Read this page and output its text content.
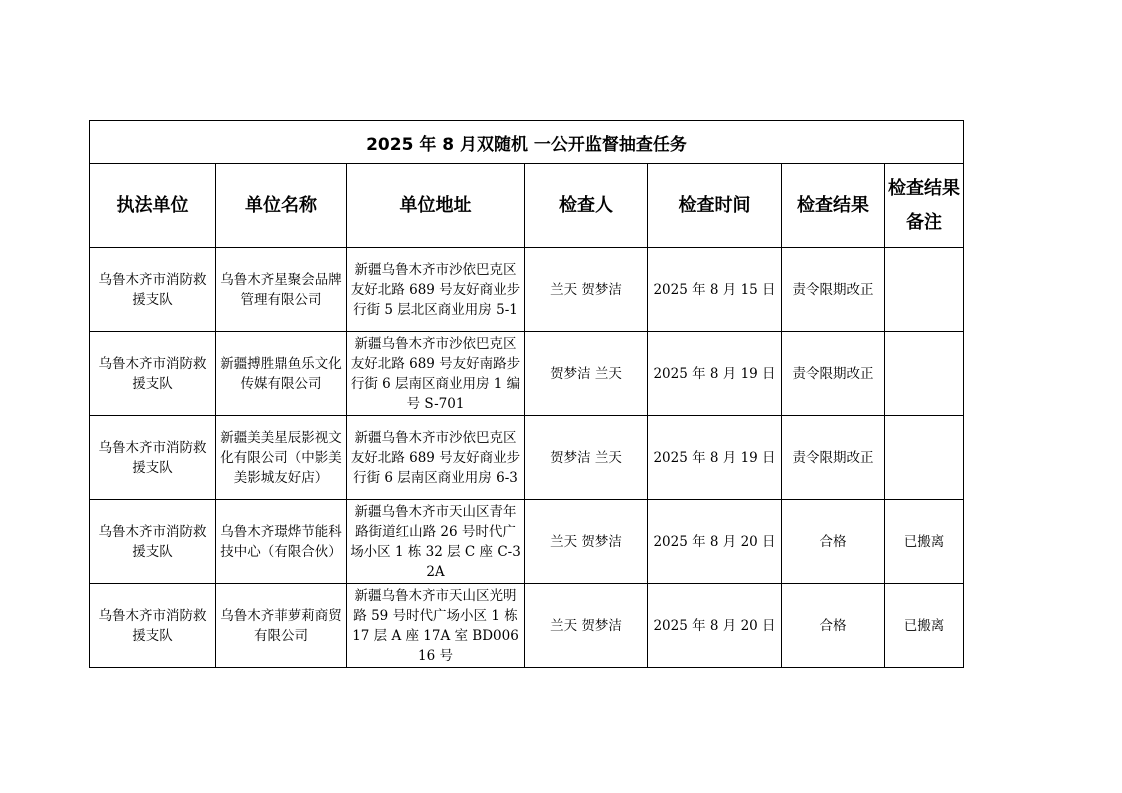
2025 年 8 月双随机 一公开监督抽查任务						
执法单位	单位名称	单位地址	检查人	检查时间	检查结果	检查结果备注
乌鲁木齐市消防救援支队	乌鲁木齐星聚会品牌管理有限公司	新疆乌鲁木齐市沙依巴克区友好北路 689 号友好商业步行街 5 层北区商业用房 5-1	兰天 贺梦洁	2025 年 8 月 15 日	责令限期改正	
乌鲁木齐市消防救援支队	新疆搏胜鼎鱼乐文化传媒有限公司	新疆乌鲁木齐市沙依巴克区友好北路 689 号友好南路步行街 6 层南区商业用房 1 编号 S-701	贺梦洁 兰天	2025 年 8 月 19 日	责令限期改正	
乌鲁木齐市消防救援支队	新疆美美星辰影视文化有限公司（中影美美影城友好店）	新疆乌鲁木齐市沙依巴克区友好北路 689 号友好商业步行街 6 层南区商业用房 6-3	贺梦洁 兰天	2025 年 8 月 19 日	责令限期改正	
乌鲁木齐市消防救援支队	乌鲁木齐璟烨节能科技中心（有限合伙）	新疆乌鲁木齐市天山区青年路街道红山路 26 号时代广场小区 1 栋 32 层 C 座 C-32A	兰天 贺梦洁	2025 年 8 月 20 日	合格	已搬离
乌鲁木齐市消防救援支队	乌鲁木齐菲萝莉商贸有限公司	新疆乌鲁木齐市天山区光明路 59 号时代广场小区 1 栋 17 层 A 座 17A 室 BD00616 号	兰天 贺梦洁	2025 年 8 月 20 日	合格	已搬离
